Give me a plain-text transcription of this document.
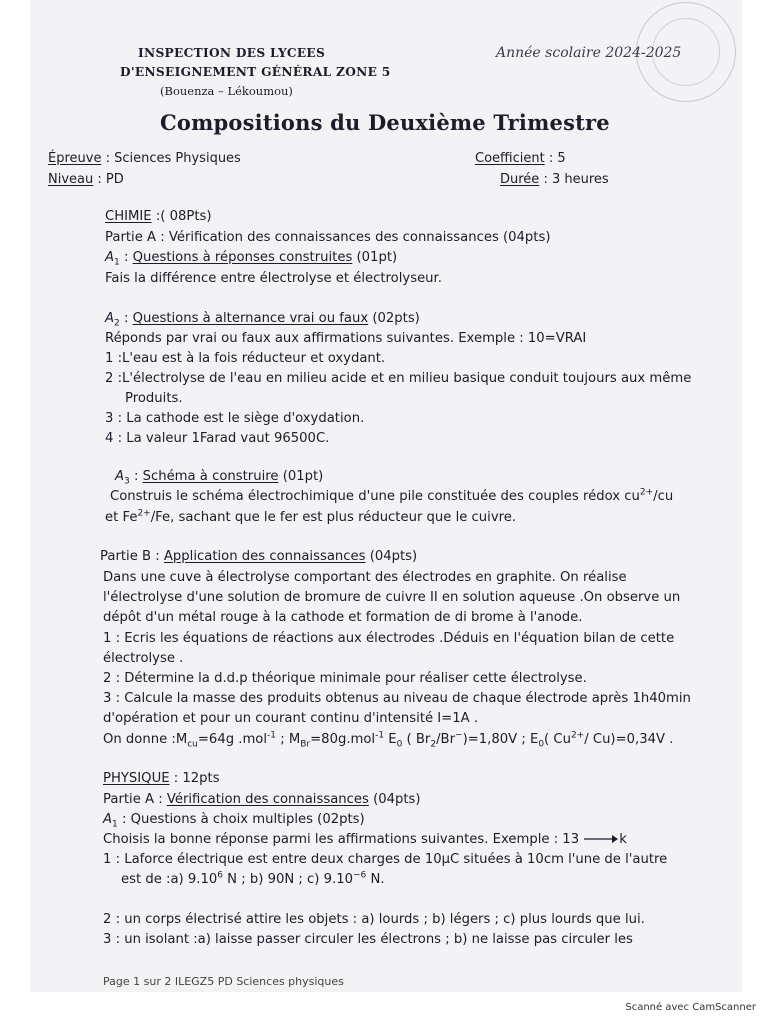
INSPECTION DES LYCEES
D'ENSEIGNEMENT GÉNÉRAL ZONE 5
(Bouenza – Lékoumou)
Année scolaire 2024-2025
Compositions du Deuxième Trimestre
Épreuve : Sciences Physiques
Niveau : PD
Coefficient : 5
Durée : 3 heures
CHIMIE :( 08Pts)
Partie A : Vérification des connaissances des connaissances (04pts)
$A_1$ : Questions à réponses construites (01pt)
Fais la différence entre électrolyse et électrolyseur.
$A_2$ : Questions à alternance vrai ou faux (02pts)
Réponds par vrai ou faux aux affirmations suivantes. Exemple : 10=VRAI
1 :L'eau est à la fois réducteur et oxydant.
2 :L'électrolyse de l'eau en milieu acide et en milieu basique conduit toujours aux même
Produits.
3 : La cathode est le siège d'oxydation.
4 : La valeur 1Farad vaut 96500C.
$A_3$ : Schéma à construire (01pt)
Construis le schéma électrochimique d'une pile constituée des couples rédox $cu^{2+}/cu$
et $Fe^{2+}/Fe$, sachant que le fer est plus réducteur que le cuivre.
Partie B : Application des connaissances (04pts)
Dans une cuve à électrolyse comportant des électrodes en graphite. On réalise
l'électrolyse d'une solution de bromure de cuivre II en solution aqueuse .On observe un
dépôt d'un métal rouge à la cathode et formation de di brome à l'anode.
1 : Ecris les équations de réactions aux électrodes .Déduis en l'équation bilan de cette
électrolyse .
2 : Détermine la d.d.p théorique minimale pour réaliser cette électrolyse.
3 : Calcule la masse des produits obtenus au niveau de chaque électrode après 1h40min
d'opération et pour un courant continu d'intensité I=1A .
On donne $:M_{cu}=64g$ .mol$^{-1}$ ; $M_{Br}=80g.mol^{-1}$ $E_0$ ( $Br_2/Br^-)=1,80V$ ; $E_0$( $Cu^{2+}/$ Cu)=0,34V .
PHYSIQUE : 12pts
Partie A : Vérification des connaissances (04pts)
$A_1$ : Questions à choix multiples (02pts)
Choisis la bonne réponse parmi les affirmations suivantes. Exemple : 13	k
1 : Laforce électrique est entre deux charges de 10μC situées à 10cm l'une de l'autre
est de :a) 9.10$^6$ N ; b) 90N ; c) $9.10^{-6}$ N.
2 : un corps électrisé attire les objets : a) lourds ; b) légers ; c) plus lourds que lui.
3 : un isolant :a) laisse passer circuler les électrons ; b) ne laisse pas circuler les
Page 1 sur 2 ILEGZ5 PD Sciences physiques
Scanné avec CamScanner
